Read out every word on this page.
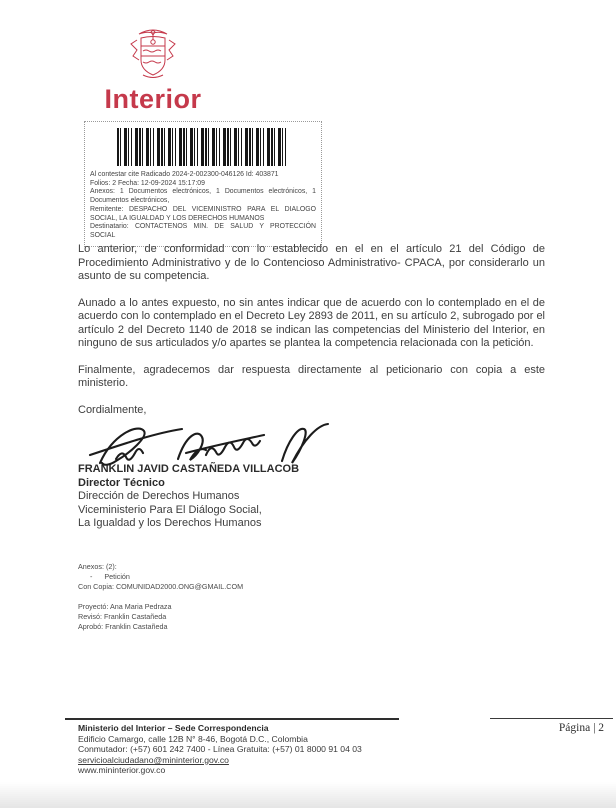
Interior
Al contestar cite Radicado 2024-2-002300-046126 Id: 403871
Folios: 2 Fecha: 12-09-2024 15:17:09
Anexos: 1 Documentos electrónicos, 1 Documentos electrónicos, 1 Documentos electrónicos,
Remitente: DESPACHO DEL VICEMINISTRO PARA EL DIALOGO SOCIAL, LA IGUALDAD Y LOS DERECHOS HUMANOS
Destinatario: CONTACTENOS MIN. DE SALUD Y PROTECCIÓN SOCIAL

Lo anterior, de conformidad con lo establecido en el en el artículo 21 del Código de Procedimiento Administrativo y de lo Contencioso Administrativo- CPACA, por considerarlo un asunto de su competencia.

Aunado a lo antes expuesto, no sin antes indicar que de acuerdo con lo contemplado en el de acuerdo con lo contemplado en el Decreto Ley 2893 de 2011, en su artículo 2, subrogado por el artículo 2 del Decreto 1140 de 2018 se indican las competencias del Ministerio del Interior, en ninguno de sus articulados y/o apartes se plantea la competencia relacionada con la petición.

Finalmente, agradecemos dar respuesta directamente al peticionario con copia a este ministerio.

Cordialmente,

FRANKLIN JAVID CASTAÑEDA VILLACOB
Director Técnico
Dirección de Derechos Humanos
Viceministerio Para El Diálogo Social,
La Igualdad y los Derechos Humanos
Anexos: (2):
-      Petición
Con Copia: COMUNIDAD2000.ONG@GMAIL.COM
Proyectó: Ana Maria Pedraza
Revisó: Franklin Castañeda
Aprobó: Franklin Castañeda
Ministerio del Interior – Sede Correspondencia
Edificio Camargo, calle 12B N° 8-46, Bogotá D.C., Colombia
Conmutador: (+57) 601 242 7400 - Línea Gratuita: (+57) 01 8000 91 04 03
servicioalciudadano@mininterior.gov.co
www.mininterior.gov.co
Página | 2
